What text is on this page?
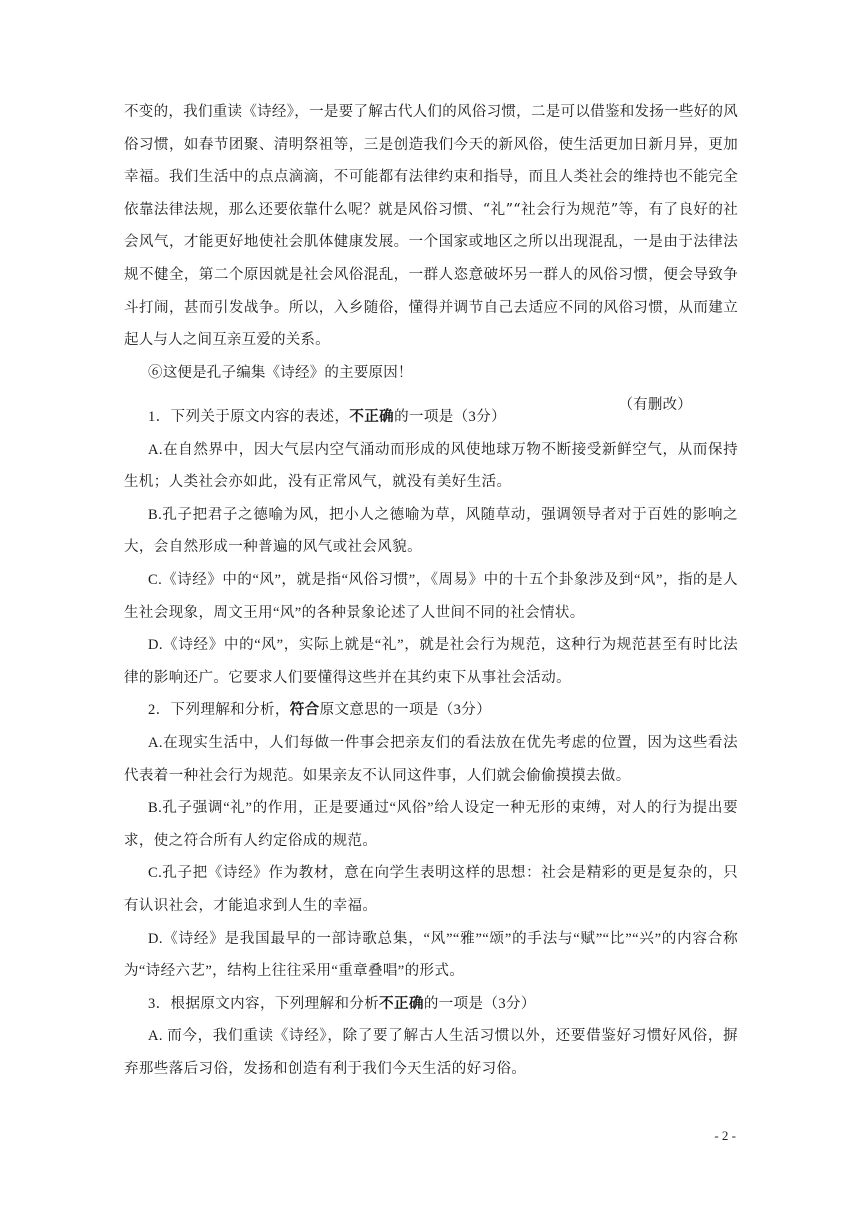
不变的，我们重读《诗经》，一是要了解古代人们的风俗习惯，二是可以借鉴和发扬一些好的风俗习惯，如春节团聚、清明祭祖等，三是创造我们今天的新风俗，使生活更加日新月异，更加幸福。我们生活中的点点滴滴，不可能都有法律约束和指导，而且人类社会的维持也不能完全依靠法律法规，那么还要依靠什么呢？就是风俗习惯、“礼”“社会行为规范”等，有了良好的社会风气，才能更好地使社会肌体健康发展。一个国家或地区之所以出现混乱，一是由于法律法规不健全，第二个原因就是社会风俗混乱，一群人恣意破坏另一群人的风俗习惯，便会导致争斗打闹，甚而引发战争。所以，入乡随俗，懂得并调节自己去适应不同的风俗习惯，从而建立起人与人之间互亲互爱的关系。

⑥这便是孔子编集《诗经》的主要原因！

（有删改）

1．下列关于原文内容的表述，不正确的一项是（3分）

A.在自然界中，因大气层内空气涌动而形成的风使地球万物不断接受新鲜空气，从而保持生机；人类社会亦如此，没有正常风气，就没有美好生活。

B.孔子把君子之德喻为风，把小人之德喻为草，风随草动，强调领导者对于百姓的影响之大，会自然形成一种普遍的风气或社会风貌。

C.《诗经》中的“风”，就是指“风俗习惯”，《周易》中的十五个卦象涉及到“风”，指的是人生社会现象，周文王用“风”的各种景象论述了人世间不同的社会情状。

D.《诗经》中的“风”，实际上就是“礼”，就是社会行为规范，这种行为规范甚至有时比法律的影响还广。它要求人们要懂得这些并在其约束下从事社会活动。

2．下列理解和分析，符合原文意思的一项是（3分）

A.在现实生活中，人们每做一件事会把亲友们的看法放在优先考虑的位置，因为这些看法代表着一种社会行为规范。如果亲友不认同这件事，人们就会偷偷摸摸去做。

B.孔子强调“礼”的作用，正是要通过“风俗”给人设定一种无形的束缚，对人的行为提出要求，使之符合所有人约定俗成的规范。

C.孔子把《诗经》作为教材，意在向学生表明这样的思想：社会是精彩的更是复杂的，只有认识社会，才能追求到人生的幸福。

D.《诗经》是我国最早的一部诗歌总集，“风”“雅”“颂”的手法与“赋”“比”“兴”的内容合称为“诗经六艺”，结构上往往采用“重章叠唱”的形式。

3．根据原文内容，下列理解和分析不正确的一项是（3分）

A. 而今，我们重读《诗经》，除了要了解古人生活习惯以外，还要借鉴好习惯好风俗，摒弃那些落后习俗，发扬和创造有利于我们今天生活的好习俗。

- 2 -
